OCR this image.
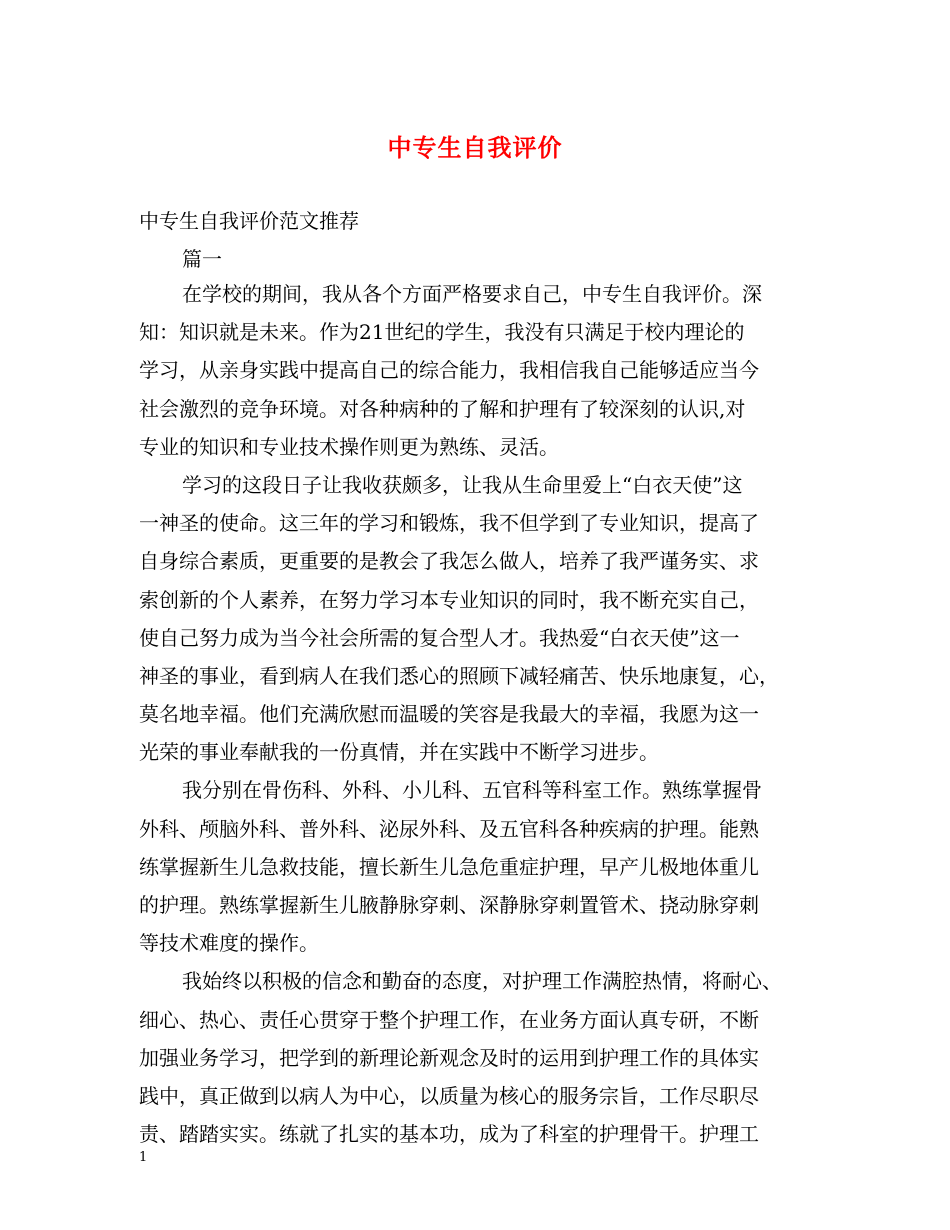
中专生自我评价
中专生自我评价范文推荐
篇一
在学校的期间，我从各个方面严格要求自己，中专生自我评价。深
知：知识就是未来。作为21世纪的学生，我没有只满足于校内理论的
学习，从亲身实践中提高自己的综合能力，我相信我自己能够适应当今
社会激烈的竞争环境。对各种病种的了解和护理有了较深刻的认识,对
专业的知识和专业技术操作则更为熟练、灵活。
学习的这段日子让我收获颇多，让我从生命里爱上“白衣天使”这
一神圣的使命。这三年的学习和锻炼，我不但学到了专业知识，提高了
自身综合素质，更重要的是教会了我怎么做人，培养了我严谨务实、求
索创新的个人素养，在努力学习本专业知识的同时，我不断充实自己，
使自己努力成为当今社会所需的复合型人才。我热爱“白衣天使”这一
神圣的事业，看到病人在我们悉心的照顾下减轻痛苦、快乐地康复，心，
莫名地幸福。他们充满欣慰而温暖的笑容是我最大的幸福，我愿为这一
光荣的事业奉献我的一份真情，并在实践中不断学习进步。
我分别在骨伤科、外科、小儿科、五官科等科室工作。熟练掌握骨
外科、颅脑外科、普外科、泌尿外科、及五官科各种疾病的护理。能熟
练掌握新生儿急救技能，擅长新生儿急危重症护理，早产儿极地体重儿
的护理。熟练掌握新生儿腋静脉穿刺、深静脉穿刺置管术、挠动脉穿刺
等技术难度的操作。
我始终以积极的信念和勤奋的态度，对护理工作满腔热情，将耐心、
细心、热心、责任心贯穿于整个护理工作，在业务方面认真专研，不断
加强业务学习，把学到的新理论新观念及时的运用到护理工作的具体实
践中，真正做到以病人为中心，以质量为核心的服务宗旨，工作尽职尽
责、踏踏实实。练就了扎实的基本功，成为了科室的护理骨干。护理工
1
